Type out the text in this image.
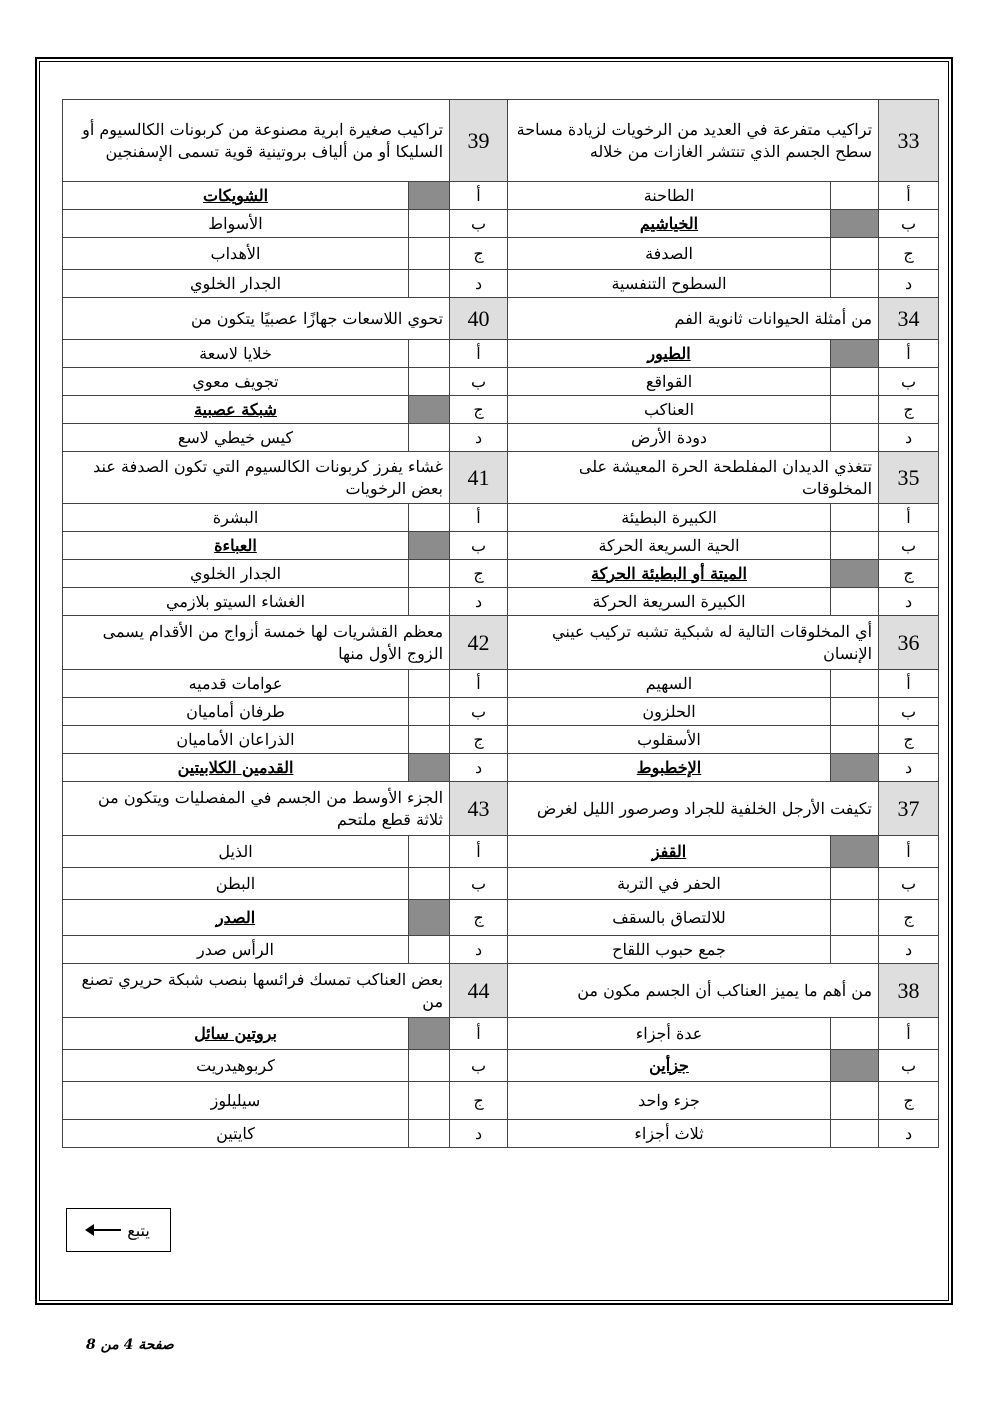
33	تراكيب متفرعة في العديد من الرخويات لزيادة مساحة سطح الجسم الذي تنتشر الغازات من خلاله		39	تراكيب صغيرة ابرية مصنوعة من كربونات الكالسيوم أو السليكا أو من ألياف بروتينية قوية تسمى الإسفنجين	
أ		الطاحنة	أ		الشويكات
ب		الخياشيم	ب		الأسواط
ج		الصدفة	ج		الأهداب
د		السطوح التنفسية	د		الجدار الخلوي
34	من أمثلة الحيوانات ثانوية الفم		40	تحوي اللاسعات جهازًا عصبيًا يتكون من	
أ		الطيور	أ		خلايا لاسعة
ب		القواقع	ب		تجويف معوي
ج		العناكب	ج		شبكة عصبية
د		دودة الأرض	د		كيس خيطي لاسع
35	تتغذي الديدان المفلطحة الحرة المعيشة على المخلوقات		41	غشاء يفرز كربونات الكالسيوم التي تكون الصدفة عند بعض الرخويات	
أ		الكبيرة البطيئة	أ		البشرة
ب		الحية السريعة الحركة	ب		العباءة
ج		الميتة أو البطيئة الحركة	ج		الجدار الخلوي
د		الكبيرة السريعة الحركة	د		الغشاء السيتو بلازمي
36	أي المخلوقات التالية له شبكية تشبه تركيب عيني الإنسان		42	معظم القشريات لها خمسة أزواج من الأقدام يسمى الزوج الأول منها	
أ		السهيم	أ		عوامات قدميه
ب		الحلزون	ب		طرفان أماميان
ج		الأسقلوب	ج		الذراعان الأماميان
د		الإخطبوط	د		القدمين الكلابيتين
37	تكيفت الأرجل الخلفية للجراد وصرصور الليل لغرض		43	الجزء الأوسط من الجسم في المفصليات ويتكون من ثلاثة قطع ملتحم	
أ		القفز	أ		الذيل
ب		الحفر في التربة	ب		البطن
ج		للالتصاق بالسقف	ج		الصدر
د		جمع حبوب اللقاح	د		الرأس صدر
38	من أهم ما يميز العناكب أن الجسم مكون من		44	بعض العناكب تمسك فرائسها بنصب شبكة حريري تصنع من	
أ		عدة أجزاء	أ		بروتين سائل
ب		جزأين	ب		كربوهيدريت
ج		جزء واحد	ج		سيليلوز
د		ثلاث أجزاء	د		كايتين
يتبع
صفحة 4 من 8
